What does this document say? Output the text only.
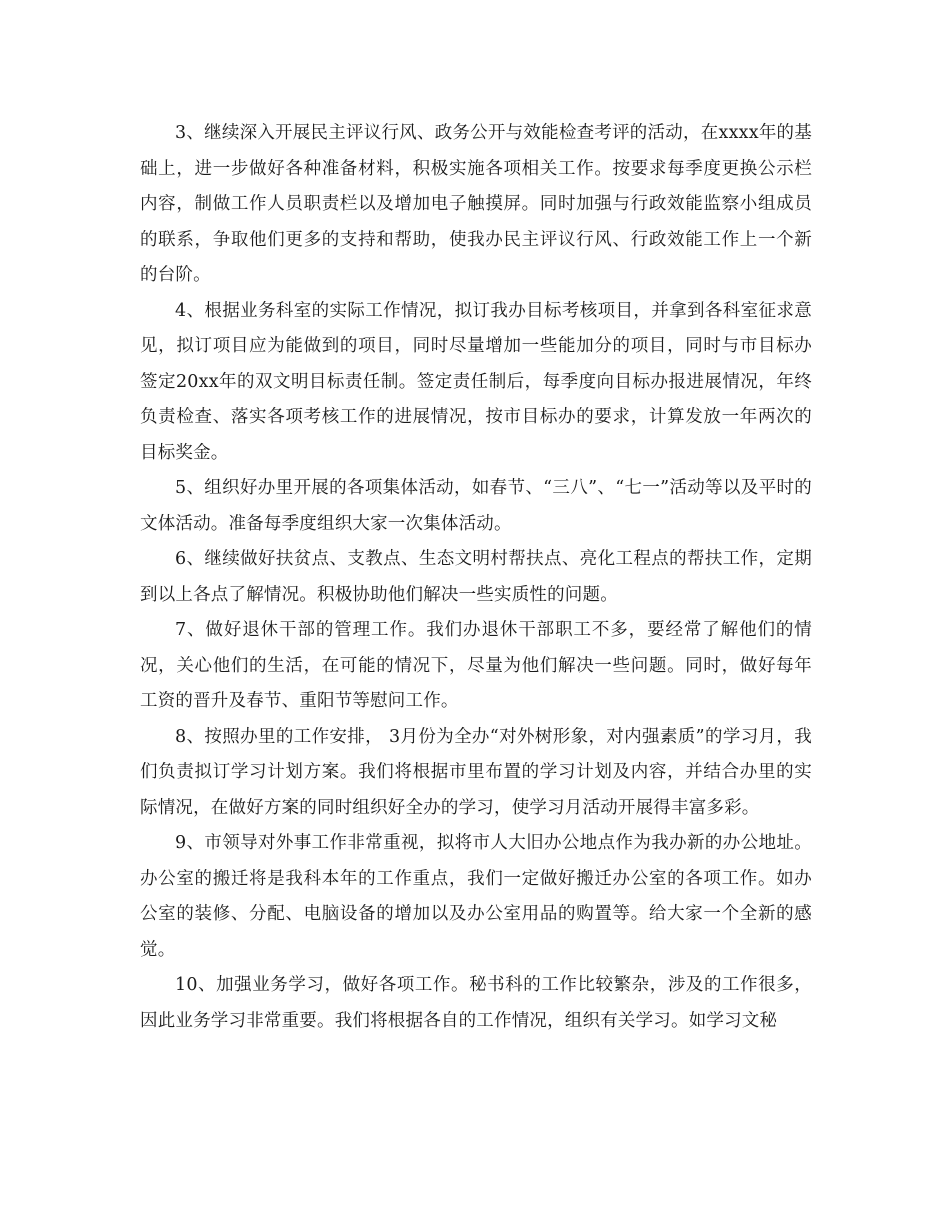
3、继续深入开展民主评议行风、政务公开与效能检查考评的活动，在xxxx年的基础上，进一步做好各种准备材料，积极实施各项相关工作。按要求每季度更换公示栏内容，制做工作人员职责栏以及增加电子触摸屏。同时加强与行政效能监察小组成员的联系，争取他们更多的支持和帮助，使我办民主评议行风、行政效能工作上一个新的台阶。

4、根据业务科室的实际工作情况，拟订我办目标考核项目，并拿到各科室征求意见，拟订项目应为能做到的项目，同时尽量增加一些能加分的项目，同时与市目标办签定20xx年的双文明目标责任制。签定责任制后，每季度向目标办报进展情况，年终负责检查、落实各项考核工作的进展情况，按市目标办的要求，计算发放一年两次的目标奖金。

5、组织好办里开展的各项集体活动，如春节、“三八”、“七一”活动等以及平时的文体活动。准备每季度组织大家一次集体活动。

6、继续做好扶贫点、支教点、生态文明村帮扶点、亮化工程点的帮扶工作，定期到以上各点了解情况。积极协助他们解决一些实质性的问题。

7、做好退休干部的管理工作。我们办退休干部职工不多，要经常了解他们的情况，关心他们的生活，在可能的情况下，尽量为他们解决一些问题。同时，做好每年工资的晋升及春节、重阳节等慰问工作。

8、按照办里的工作安排， 3月份为全办“对外树形象，对内强素质”的学习月，我们负责拟订学习计划方案。我们将根据市里布置的学习计划及内容，并结合办里的实际情况，在做好方案的同时组织好全办的学习，使学习月活动开展得丰富多彩。

9、市领导对外事工作非常重视，拟将市人大旧办公地点作为我办新的办公地址。办公室的搬迁将是我科本年的工作重点，我们一定做好搬迁办公室的各项工作。如办公室的装修、分配、电脑设备的增加以及办公室用品的购置等。给大家一个全新的感觉。

10、加强业务学习，做好各项工作。秘书科的工作比较繁杂，涉及的工作很多，因此业务学习非常重要。我们将根据各自的工作情况，组织有关学习。如学习文秘
